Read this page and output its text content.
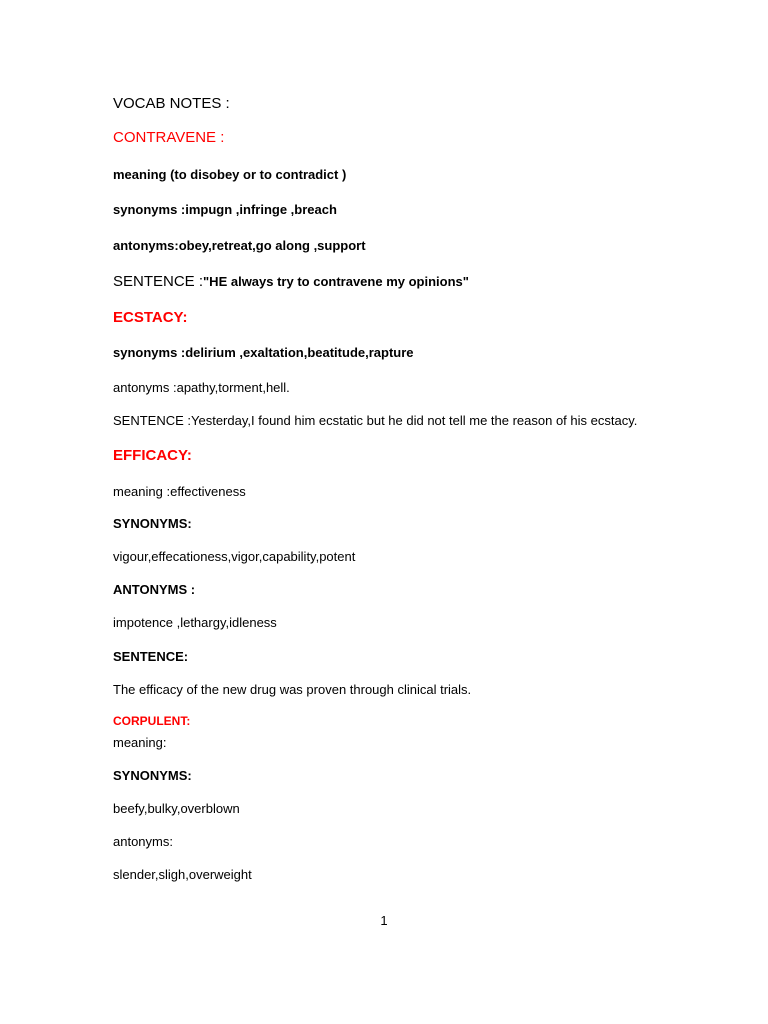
VOCAB NOTES :
CONTRAVENE :
meaning (to disobey or to contradict )
synonyms :impugn ,infringe ,breach
antonyms:obey,retreat,go along ,support
SENTENCE :"HE always try to contravene my opinions"
ECSTACY:
synonyms :delirium ,exaltation,beatitude,rapture
antonyms :apathy,torment,hell.
SENTENCE :Yesterday,I found him ecstatic but he did not tell me the reason of his ecstacy.
EFFICACY:
meaning :effectiveness
SYNONYMS:
vigour,effecationess,vigor,capability,potent
ANTONYMS :
impotence ,lethargy,idleness
SENTENCE:
The efficacy of the new drug was proven through clinical trials.
CORPULENT:
meaning:
SYNONYMS:
beefy,bulky,overblown
antonyms:
slender,sligh,overweight
1
